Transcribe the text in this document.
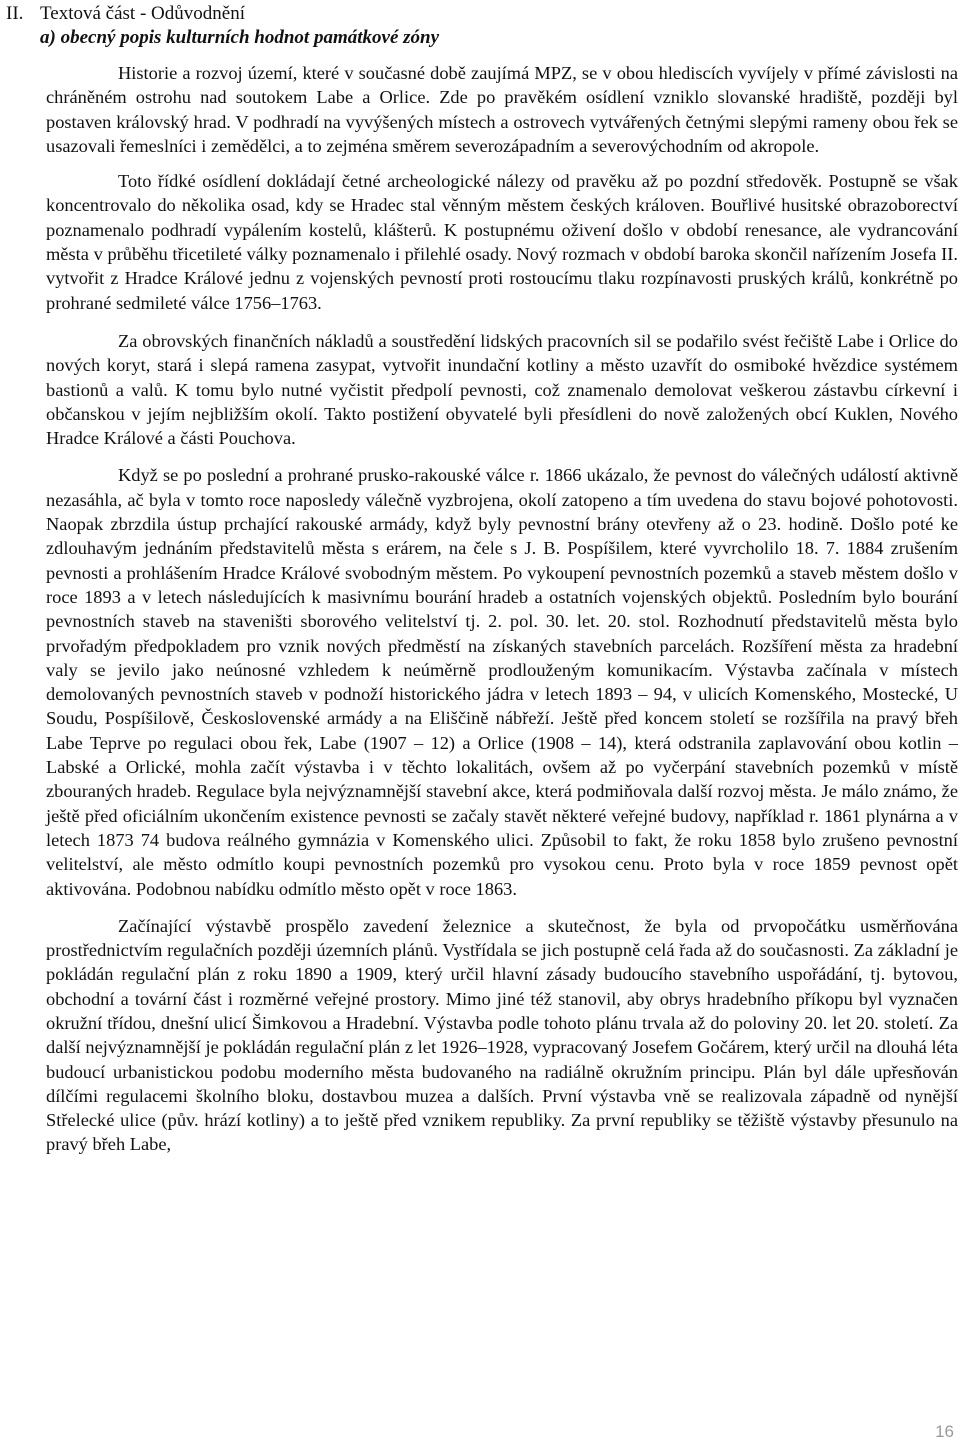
II. Textová část - Odůvodnění
a) obecný popis kulturních hodnot památkové zóny

Historie a rozvoj území, které v současné době zaujímá MPZ, se v obou hlediscích vyvíjely v přímé závislosti na chráněném ostrohu nad soutokem Labe a Orlice. Zde po pravěkém osídlení vzniklo slovanské hradiště, později byl postaven královský hrad. V podhradí na vyvýšených místech a ostrovech vytvářených četnými slepými rameny obou řek se usazovali řemeslníci i zemědělci, a to zejména směrem severozápadním a severovýchodním od akropole.

Toto řídké osídlení dokládají četné archeologické nálezy od pravěku až po pozdní středověk. Postupně se však koncentrovalo do několika osad, kdy se Hradec stal věnným městem českých královen. Bouřlivé husitské obrazoborectví poznamenalo podhradí vypálením kostelů, klášterů. K postupnému oživení došlo v období renesance, ale vydrancování města v průběhu třicetileté války poznamenalo i přilehlé osady. Nový rozmach v období baroka skončil nařízením Josefa II. vytvořit z Hradce Králové jednu z vojenských pevností proti rostoucímu tlaku rozpínavosti pruských králů, konkrétně po prohrané sedmileté válce 1756–1763.

Za obrovských finančních nákladů a soustředění lidských pracovních sil se podařilo svést řečiště Labe i Orlice do nových koryt, stará i slepá ramena zasypat, vytvořit inundační kotliny a město uzavřít do osmiboké hvězdice systémem bastionů a valů. K tomu bylo nutné vyčistit předpolí pevnosti, což znamenalo demolovat veškerou zástavbu církevní i občanskou v jejím nejbližším okolí. Takto postižení obyvatelé byli přesídleni do nově založených obcí Kuklen, Nového Hradce Králové a části Pouchova.

Když se po poslední a prohrané prusko-rakouské válce r. 1866 ukázalo, že pevnost do válečných událostí aktivně nezasáhla, ač byla v tomto roce naposledy válečně vyzbrojena, okolí zatopeno a tím uvedena do stavu bojové pohotovosti. Naopak zbrzdila ústup prchající rakouské armády, když byly pevnostní brány otevřeny až o 23. hodině. Došlo poté ke zdlouhavým jednáním představitelů města s erárem, na čele s J. B. Pospíšilem, které vyvrcholilo 18. 7. 1884 zrušením pevnosti a prohlášením Hradce Králové svobodným městem. Po vykoupení pevnostních pozemků a staveb městem došlo v roce 1893 a v letech následujících k masivnímu bourání hradeb a ostatních vojenských objektů. Posledním bylo bourání pevnostních staveb na staveništi sborového velitelství tj. 2. pol. 30. let. 20. stol. Rozhodnutí představitelů města bylo prvořadým předpokladem pro vznik nových předměstí na získaných stavebních parcelách. Rozšíření města za hradební valy se jevilo jako neúnosné vzhledem k neúměrně prodlouženým komunikacím. Výstavba začínala v místech demolovaných pevnostních staveb v podnoží historického jádra v letech 1893 – 94, v ulicích Komenského, Mostecké, U Soudu, Pospíšilově, Československé armády a na Eliščině nábřeží. Ještě před koncem století se rozšířila na pravý břeh Labe Teprve po regulaci obou řek, Labe (1907 – 12) a Orlice (1908 – 14), která odstranila zaplavování obou kotlin – Labské a Orlické, mohla začít výstavba i v těchto lokalitách, ovšem až po vyčerpání stavebních pozemků v místě zbouraných hradeb. Regulace byla nejvýznamnější stavební akce, která podmiňovala další rozvoj města. Je málo známo, že ještě před oficiálním ukončením existence pevnosti se začaly stavět některé veřejné budovy, například r. 1861 plynárna a v letech 1873 74 budova reálného gymnázia v Komenského ulici. Způsobil to fakt, že roku 1858 bylo zrušeno pevnostní velitelství, ale město odmítlo koupi pevnostních pozemků pro vysokou cenu. Proto byla v roce 1859 pevnost opět aktivována. Podobnou nabídku odmítlo město opět v roce 1863.

Začínající výstavbě prospělo zavedení železnice a skutečnost, že byla od prvopočátku usměrňována prostřednictvím regulačních později územních plánů. Vystřídala se jich postupně celá řada až do současnosti. Za základní je pokládán regulační plán z roku 1890 a 1909, který určil hlavní zásady budoucího stavebního uspořádání, tj. bytovou, obchodní a tovární část i rozměrné veřejné prostory. Mimo jiné též stanovil, aby obrys hradebního příkopu byl vyznačen okružní třídou, dnešní ulicí Šimkovou a Hradební. Výstavba podle tohoto plánu trvala až do poloviny 20. let 20. století. Za další nejvýznamnější je pokládán regulační plán z let 1926–1928, vypracovaný Josefem Gočárem, který určil na dlouhá léta budoucí urbanistickou podobu moderního města budovaného na radiálně okružním principu. Plán byl dále upřesňován dílčími regulacemi školního bloku, dostavbou muzea a dalších. První výstavba vně se realizovala západně od nynější Střelecké ulice (pův. hrází kotliny) a to ještě před vznikem republiky. Za první republiky se těžiště výstavby přesunulo na pravý břeh Labe,

16
